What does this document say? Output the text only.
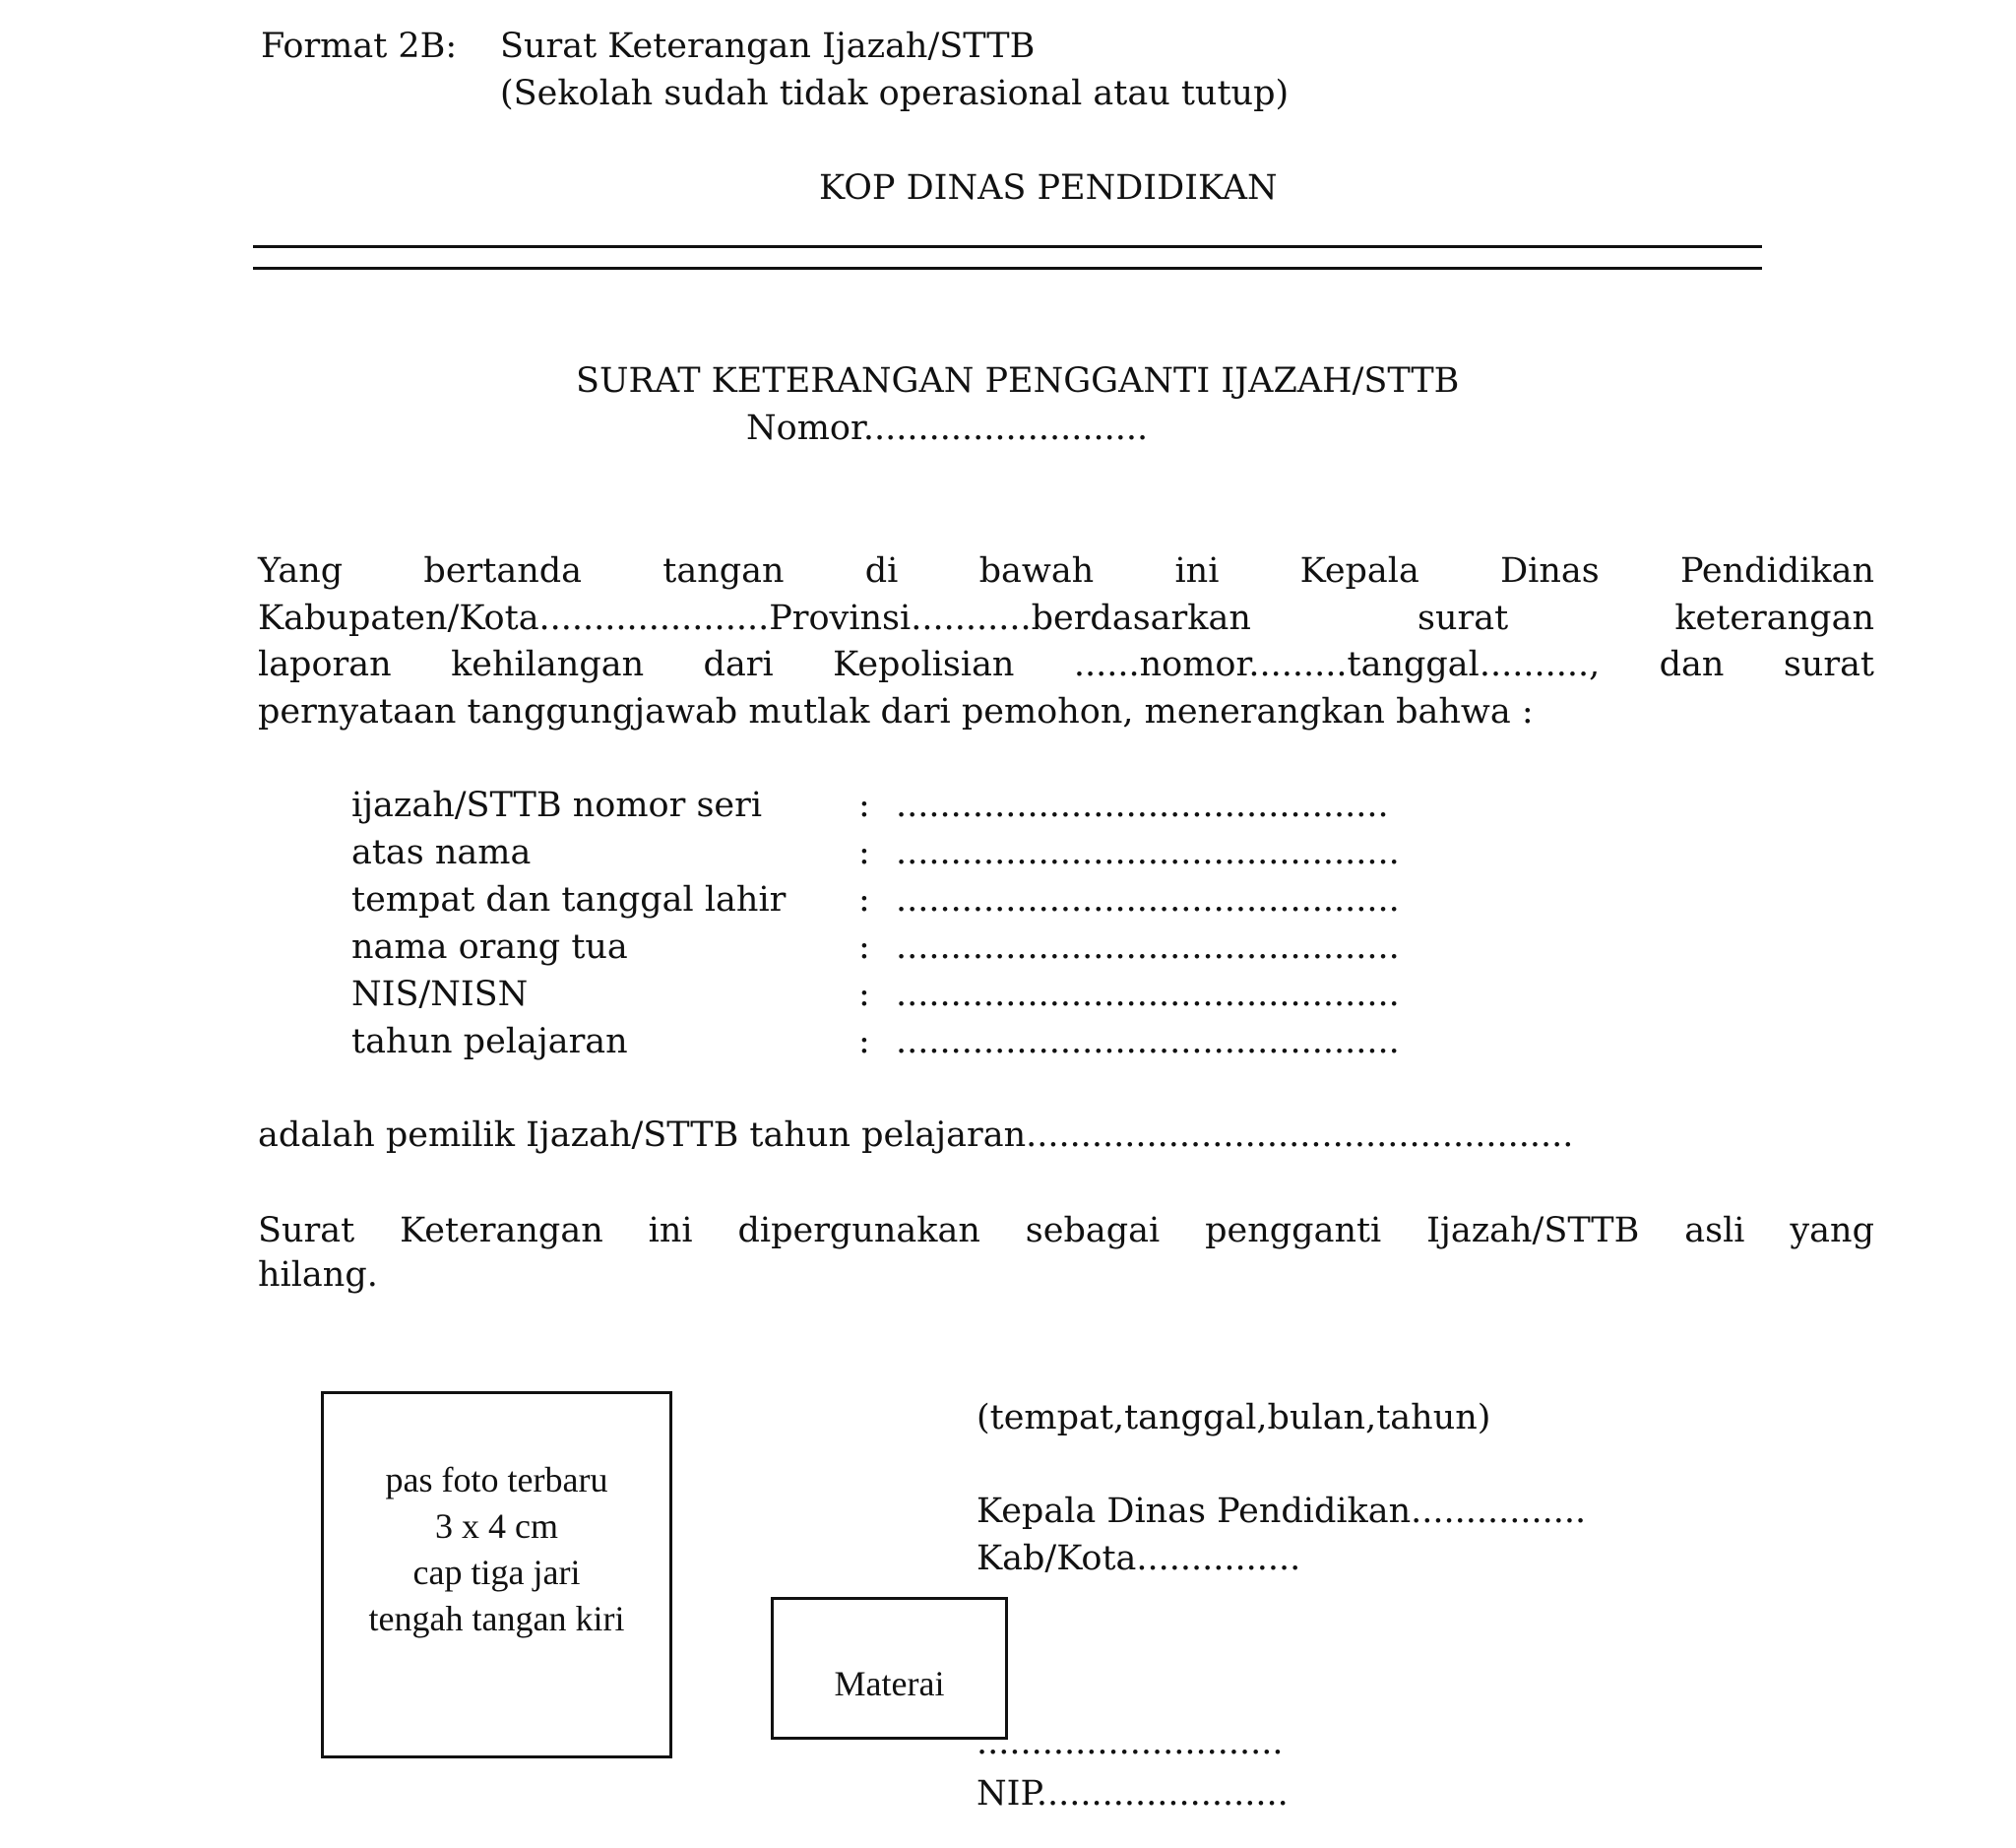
Format 2B: Surat Keterangan Ijazah/STTB
(Sekolah sudah tidak operasional atau tutup)
KOP DINAS PENDIDIKAN
SURAT KETERANGAN PENGGANTI IJAZAH/STTB
Nomor..........................
Yang bertanda tangan di bawah ini Kepala Dinas Pendidikan
Kabupaten/Kota.....................Provinsi...........berdasarkan surat keterangan
laporan kehilangan dari Kepolisian ......nomor.........tanggal.........., dan surat
pernyataan tanggungjawab mutlak dari pemohon, menerangkan bahwa :
ijazah/STTB nomor seri	: .............................................
atas nama	: ..............................................
tempat dan tanggal lahir : ..............................................
nama orang tua	: ..............................................
NIS/NISN	: ..............................................
tahun pelajaran	: ..............................................
adalah pemilik Ijazah/STTB tahun pelajaran..................................................
Surat Keterangan ini dipergunakan sebagai pengganti Ijazah/STTB asli yang
hilang.
pas foto terbaru
3 x 4 cm
cap tiga jari
tengah tangan kiri
Materai
(tempat,tanggal,bulan,tahun)
Kepala Dinas Pendidikan................
Kab/Kota...............
............................
NIP.......................
